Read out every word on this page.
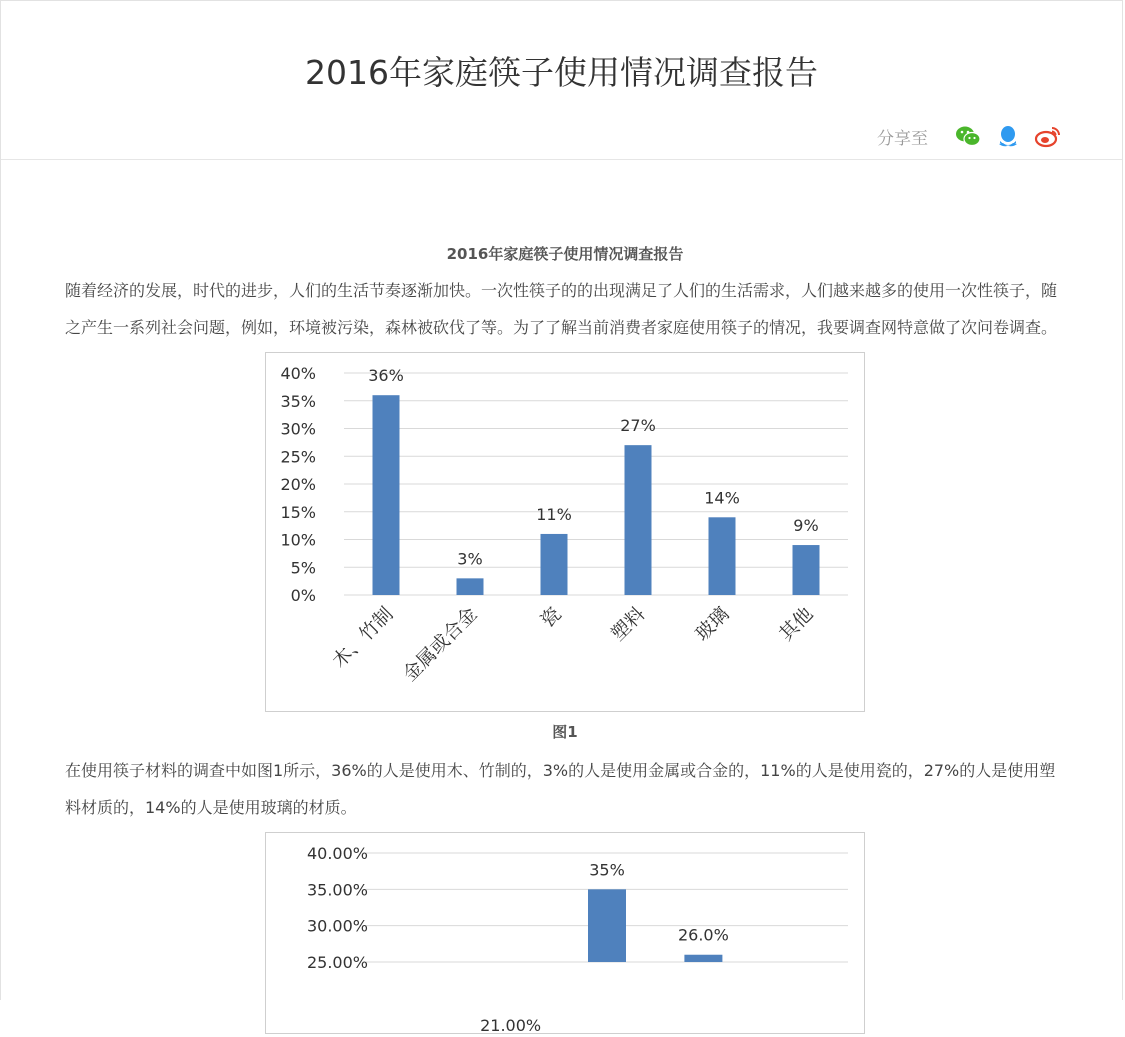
2016年家庭筷子使用情况调查报告
分享至

2016年家庭筷子使用情况调查报告

随着经济的发展，时代的进步，人们的生活节奏逐渐加快。一次性筷子的的出现满足了人们的生活需求，人们越来越多的使用一次性筷子，随之产生一系列社会问题，例如，环境被污染，森林被砍伐了等。为了了解当前消费者家庭使用筷子的情况，我要调查网特意做了次问卷调查。

0%
5%
10%
15%
20%
25%
30%
35%
40%	36%
木、竹制
3%
金属或合金
11%
瓷
27%
塑料
14%
玻璃
9%
其他

图1

在使用筷子材料的调查中如图1所示，36%的人是使用木、竹制的，3%的人是使用金属或合金的，11%的人是使用瓷的，27%的人是使用塑料材质的，14%的人是使用玻璃的材质。

25.00%
30.00%
35.00%
40.00%
21.00%
35%
26.0%
